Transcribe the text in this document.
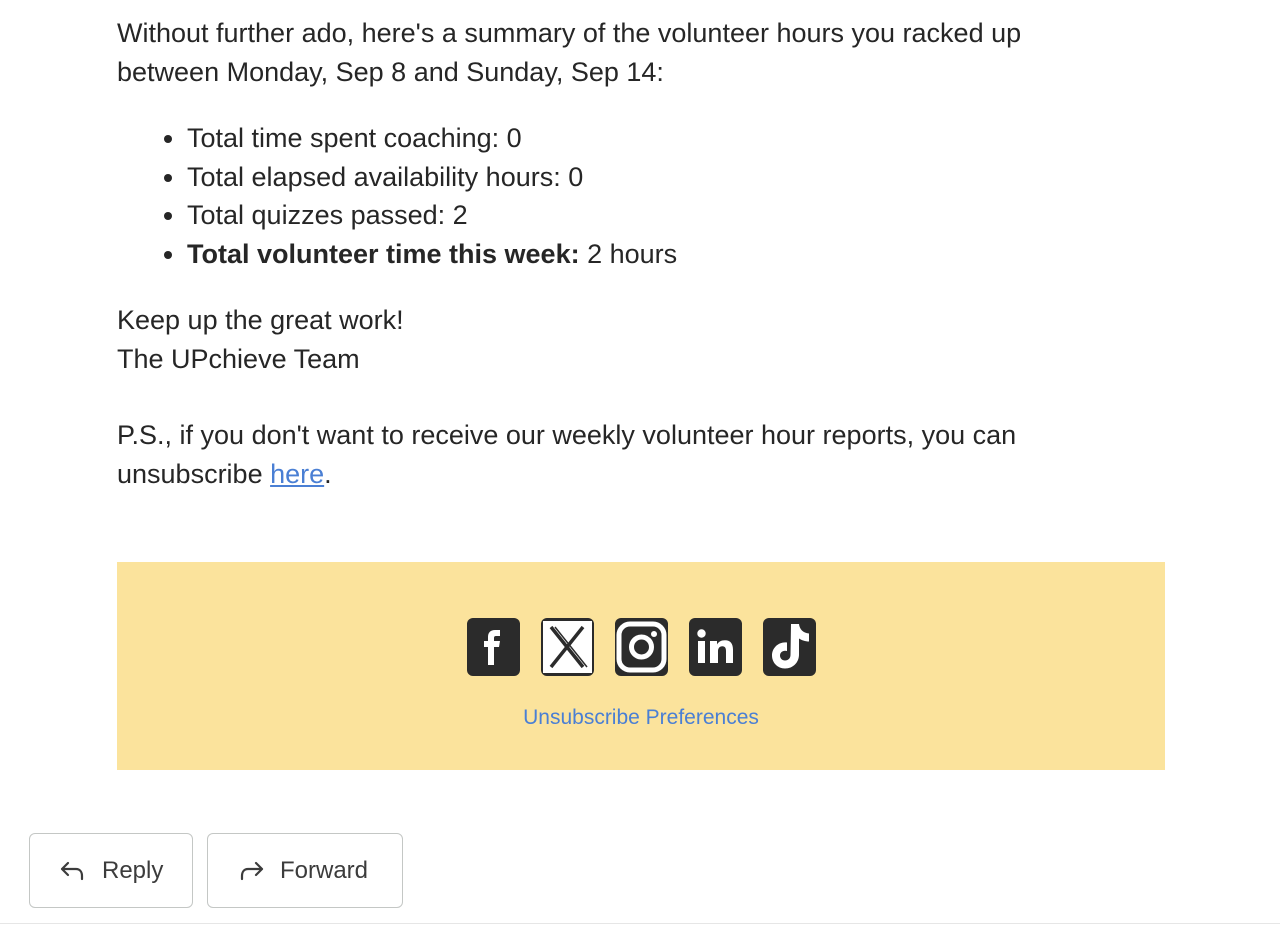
Without further ado, here's a summary of the volunteer hours you racked up between Monday, Sep 8 and Sunday, Sep 14:

• Total time spent coaching: 0
• Total elapsed availability hours: 0
• Total quizzes passed: 2
• Total volunteer time this week: 2 hours

Keep up the great work!

The UPchieve Team

P.S., if you don't want to receive our weekly volunteer hour reports, you can unsubscribe here.

Unsubscribe Preferences
Reply	Forward
